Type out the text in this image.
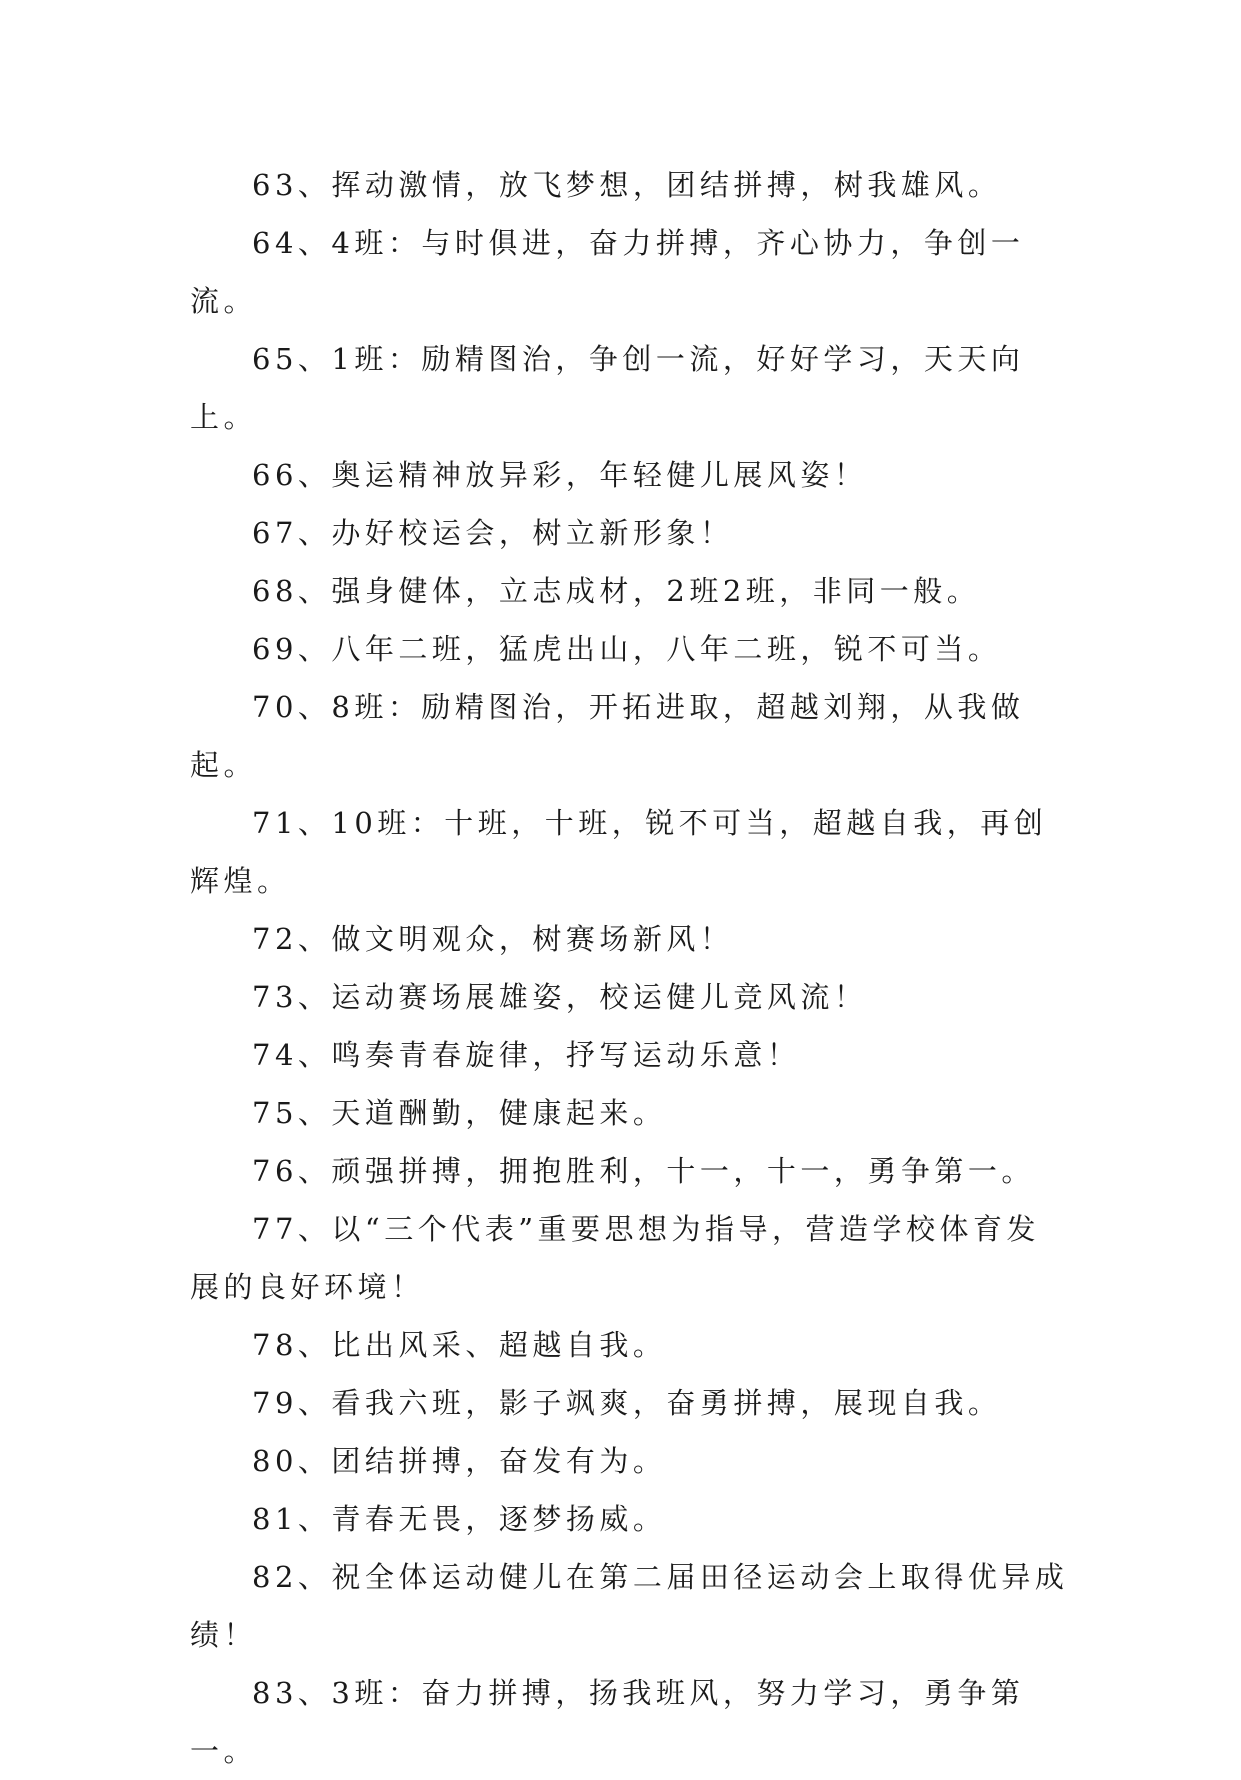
63、挥动激情，放飞梦想，团结拼搏，树我雄风。

64、4班：与时俱进，奋力拼搏，齐心协力，争创一流。

65、1班：励精图治，争创一流，好好学习，天天向上。

66、奥运精神放异彩，年轻健儿展风姿！

67、办好校运会，树立新形象！

68、强身健体，立志成材，2班2班，非同一般。

69、八年二班，猛虎出山，八年二班，锐不可当。

70、8班：励精图治，开拓进取，超越刘翔，从我做起。

71、10班：十班，十班，锐不可当，超越自我，再创辉煌。

72、做文明观众，树赛场新风！

73、运动赛场展雄姿，校运健儿竞风流！

74、鸣奏青春旋律，抒写运动乐意！

75、天道酬勤，健康起来。

76、顽强拼搏，拥抱胜利，十一，十一，勇争第一。

77、以“三个代表”重要思想为指导，营造学校体育发展的良好环境！

78、比出风采、超越自我。

79、看我六班，影子飒爽，奋勇拼搏，展现自我。

80、团结拼搏，奋发有为。

81、青春无畏，逐梦扬威。

82、祝全体运动健儿在第二届田径运动会上取得优异成绩！

83、3班：奋力拼搏，扬我班风，努力学习，勇争第一。
